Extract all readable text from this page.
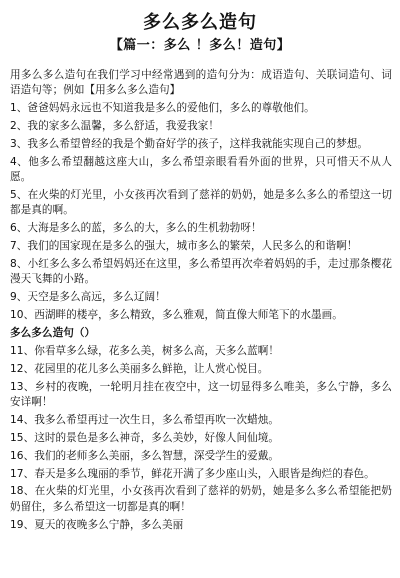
多么多么造句
【篇一：多么 ！多么！造句】

用多么多么造句在我们学习中经常遇到的造句分为：成语造句、关联词造句、词语造句等；例如【用多么多么造句】

1、爸爸妈妈永远也不知道我是多么的爱他们，多么的尊敬他们。

2、我的家多么温馨，多么舒适，我爱我家！

3、我多么希望曾经的我是个勤奋好学的孩子，这样我就能实现自己的梦想。

4、他多么希望翻越这座大山，多么希望亲眼看看外面的世界，只可惜天不从人愿。

5、在火柴的灯光里，小女孩再次看到了慈祥的奶奶，她是多么多么的希望这一切都是真的啊。

6、大海是多么的蓝，多么的大，多么的生机勃勃呀！

7、我们的国家现在是多么的强大，城市多么的繁荣，人民多么的和谐啊！

8、小红多么多么希望妈妈还在这里，多么希望再次牵着妈妈的手，走过那条樱花漫天飞舞的小路。

9、天空是多么高远，多么辽阔！

10、西湖畔的楼亭，多么精致，多么雅观，简直像大师笔下的水墨画。

多么多么造句（）

11、你看草多么绿，花多么美，树多么高，天多么蓝啊！

12、花园里的花儿多么美丽多么鲜艳，让人赏心悦目。

13、乡村的夜晚，一轮明月挂在夜空中，这一切显得多么唯美，多么宁静，多么安详啊！

14、我多么希望再过一次生日，多么希望再吹一次蜡烛。

15、这时的景色是多么神奇，多么美妙，好像人间仙境。

16、我们的老师多么美丽，多么智慧，深受学生的爱戴。

17、春天是多么瑰丽的季节，鲜花开满了多少座山头，入眼皆是绚烂的春色。

18、在火柴的灯光里，小女孩再次看到了慈祥的奶奶，她是多么多么希望能把奶奶留住，多么希望这一切都是真的啊！

19、夏天的夜晚多么宁静，多么美丽
